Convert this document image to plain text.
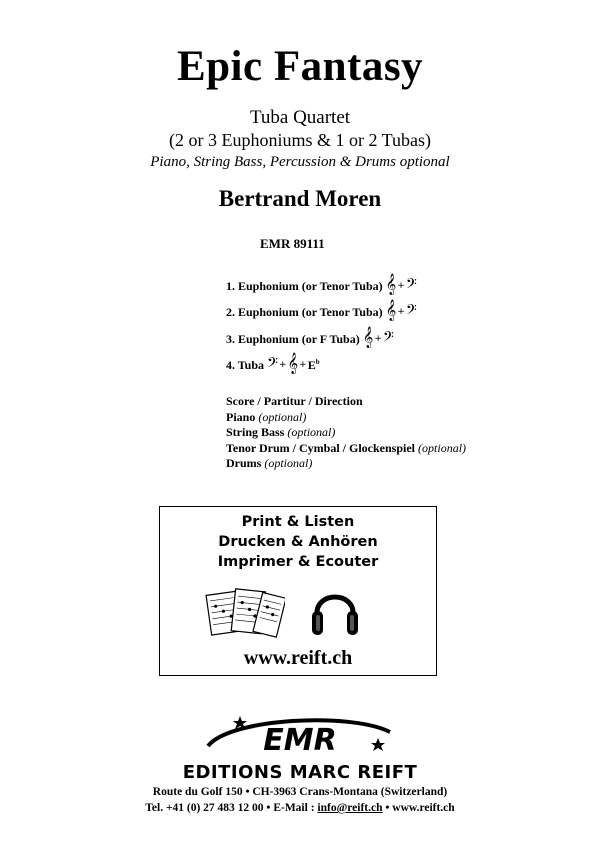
Epic Fantasy
Tuba Quartet
(2 or 3 Euphoniums & 1 or 2 Tubas)
Piano, String Bass, Percussion & Drums optional
Bertrand Moren
EMR 89111
1. Euphonium (or Tenor Tuba) 𝄞 + 𝄢
2. Euphonium (or Tenor Tuba) 𝄞 + 𝄢
3. Euphonium (or F Tuba) 𝄞 + 𝄢
4. Tuba 𝄢 + 𝄞 + $E^b$
Score / Partitur / Direction
Piano (optional)
String Bass (optional)
Tenor Drum / Cymbal / Glockenspiel (optional)
Drums (optional)
Print & Listen
Drucken & Anhören
Imprimer & Ecouter
www.reift.ch
EMR
EDITIONS MARC REIFT
Route du Golf 150 • CH-3963 Crans-Montana (Switzerland)
Tel. +41 (0) 27 483 12 00 • E-Mail : info@reift.ch • www.reift.ch
